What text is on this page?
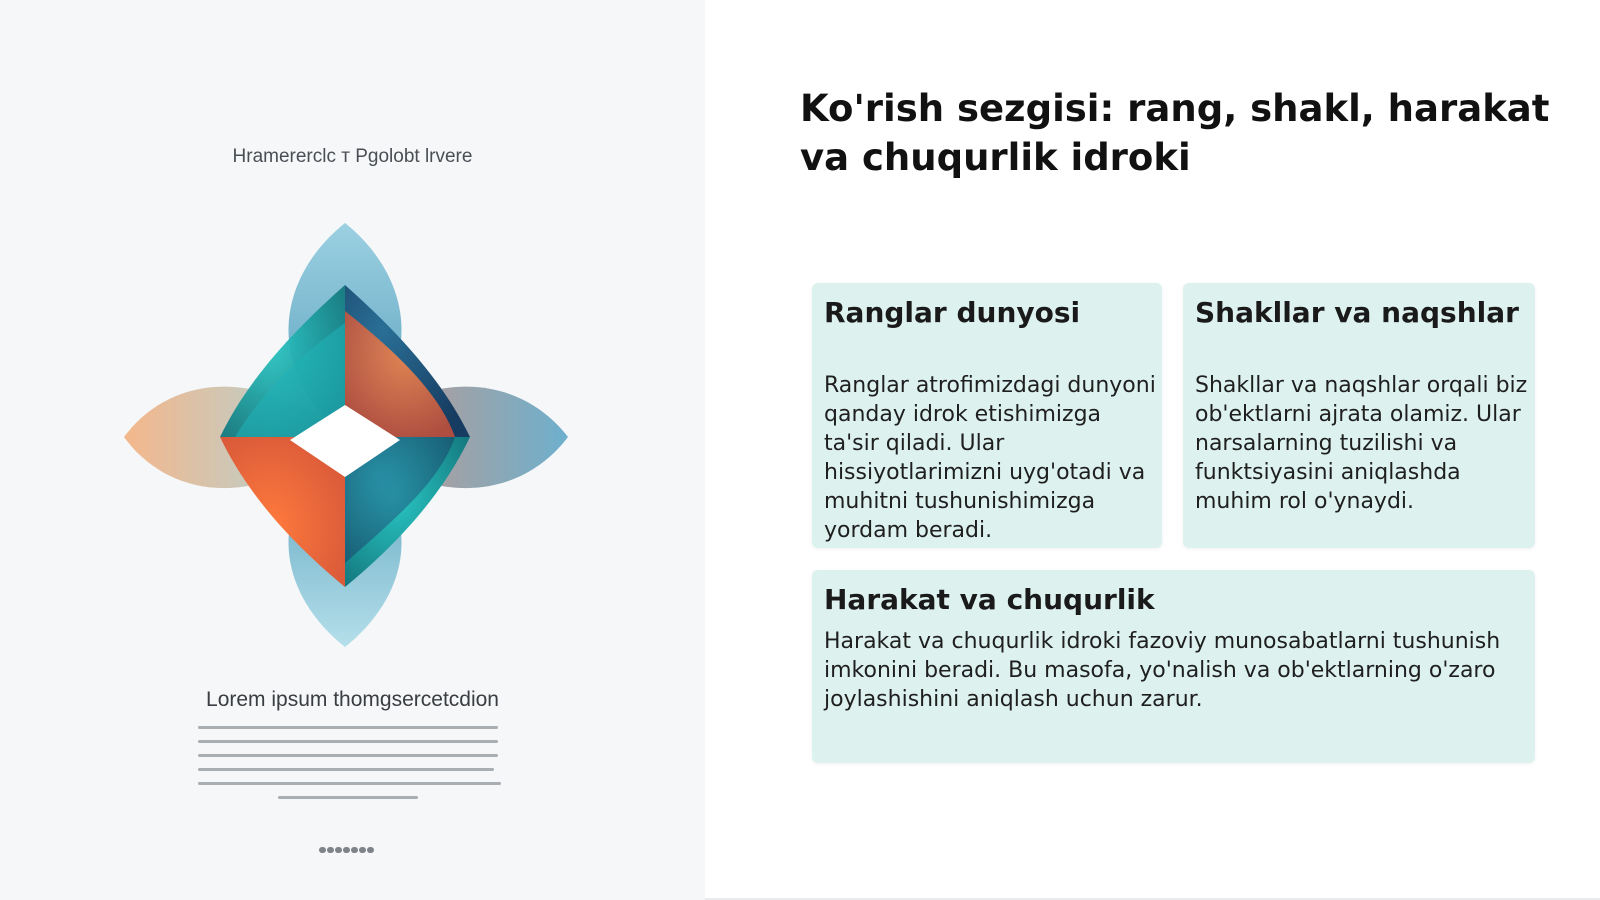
Hramererclc т Pgolobt lrvere
Lorem ipsum thomgsercetcdion
Ko'rish sezgisi: rang, shakl, harakat va chuqurlik idroki
Ranglar dunyosi

Ranglar atrofimizdagi dunyoni qanday idrok etishimizga ta'sir qiladi. Ular hissiyotlarimizni uyg'otadi va muhitni tushunishimizga yordam beradi.

Shakllar va naqshlar

Shakllar va naqshlar orqali biz ob'ektlarni ajrata olamiz. Ular narsalarning tuzilishi va funktsiyasini aniqlashda muhim rol o'ynaydi.

Harakat va chuqurlik

Harakat va chuqurlik idroki fazoviy munosabatlarni tushunish imkonini beradi. Bu masofa, yo'nalish va ob'ektlarning o'zaro joylashishini aniqlash uchun zarur.
